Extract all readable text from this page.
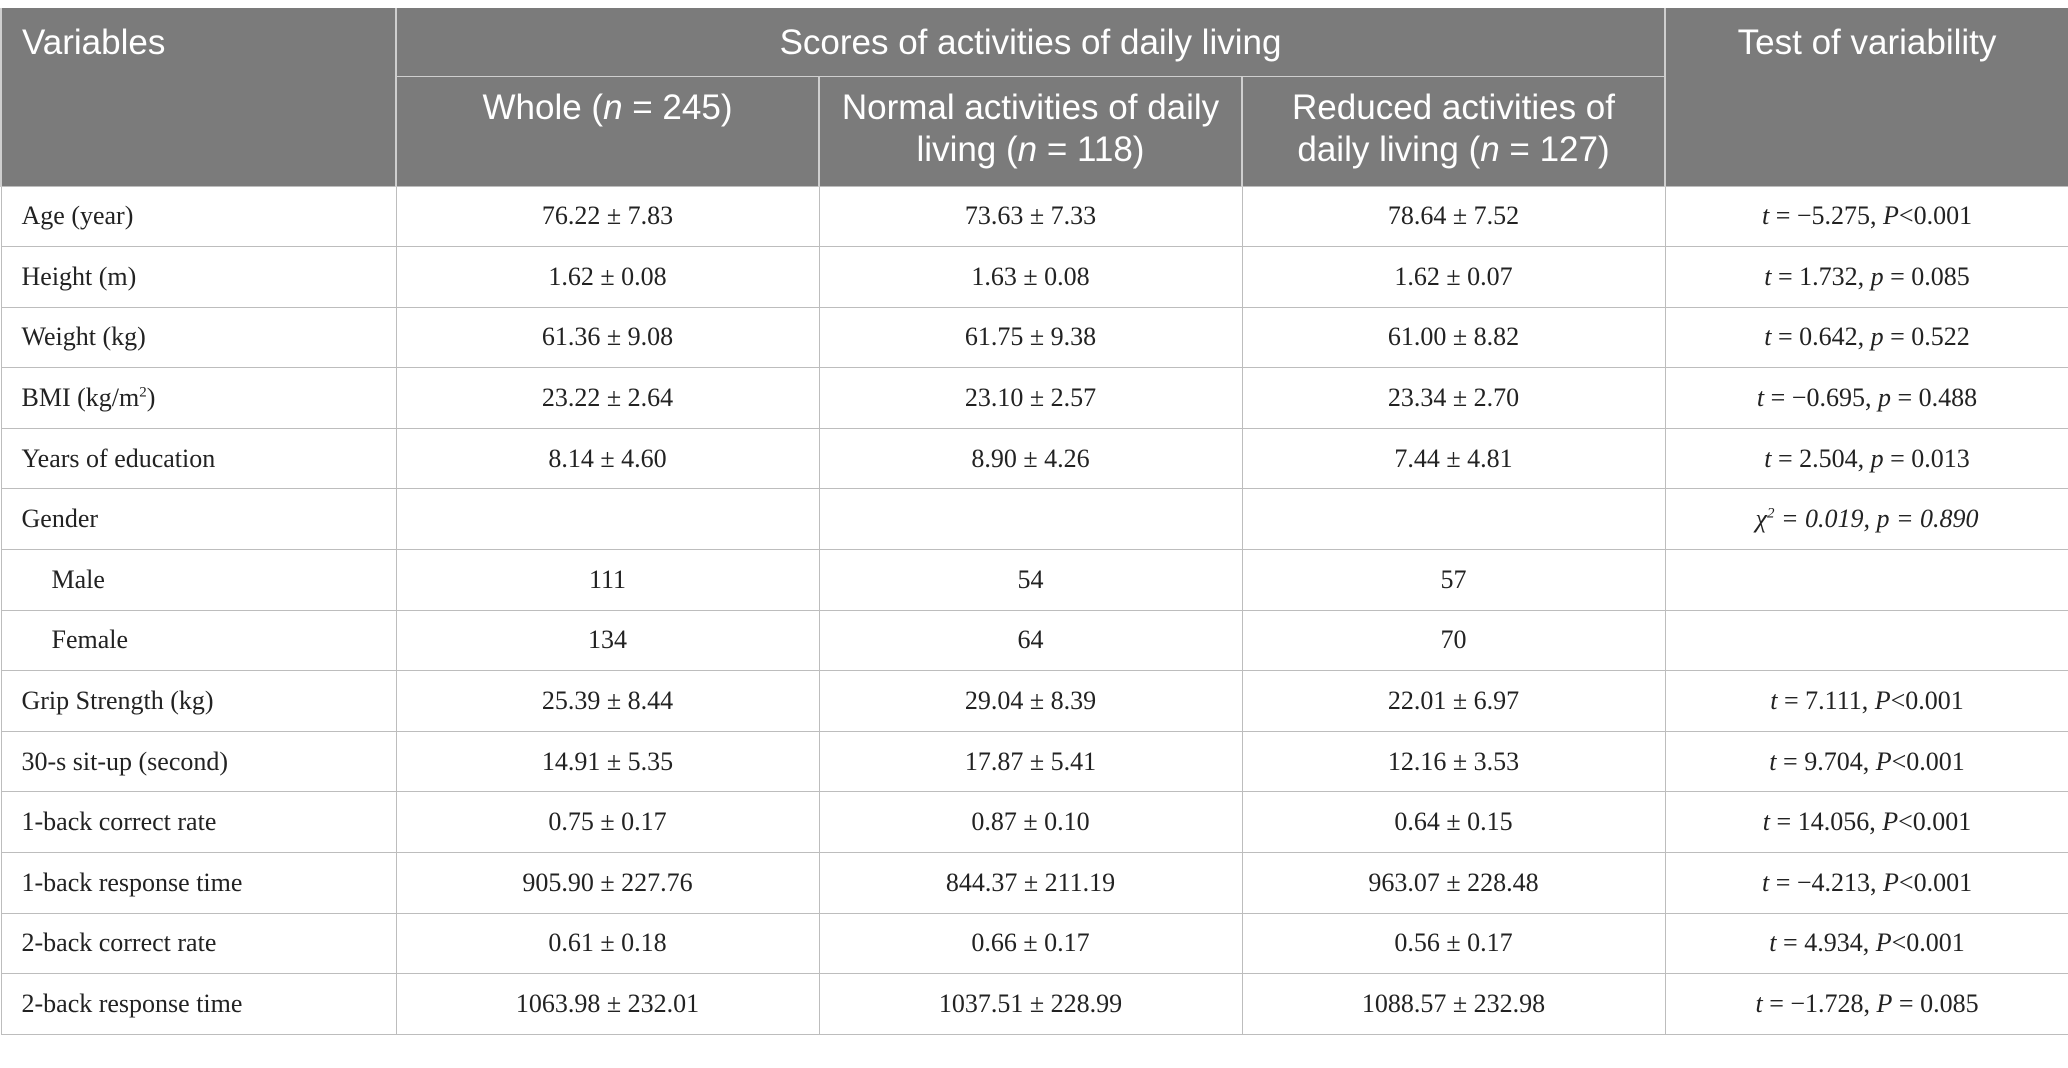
Variables	Scores of activities of daily living			Test of variability
	Whole (n = 245)	Normal activities of daily living (n = 118)	Reduced activities of daily living (n = 127)	
Age (year)	76.22 ± 7.83	73.63 ± 7.33	78.64 ± 7.52	t = −5.275, P<0.001
Height (m)	1.62 ± 0.08	1.63 ± 0.08	1.62 ± 0.07	t = 1.732, p = 0.085
Weight (kg)	61.36 ± 9.08	61.75 ± 9.38	61.00 ± 8.82	t = 0.642, p = 0.522
BMI $(kg/m^2)$	23.22 ± 2.64	23.10 ± 2.57	23.34 ± 2.70	t = −0.695, p = 0.488
Years of education	8.14 ± 4.60	8.90 ± 4.26	7.44 ± 4.81	t = 2.504, p = 0.013
Gender				$\chi^2 = 0.019$, p = 0.890
Male	111	54	57	
Female	134	64	70	
Grip Strength (kg)	25.39 ± 8.44	29.04 ± 8.39	22.01 ± 6.97	t = 7.111, P<0.001
30-s sit-up (second)	14.91 ± 5.35	17.87 ± 5.41	12.16 ± 3.53	t = 9.704, P<0.001
1-back correct rate	0.75 ± 0.17	0.87 ± 0.10	0.64 ± 0.15	t = 14.056, P<0.001
1-back response time	905.90 ± 227.76	844.37 ± 211.19	963.07 ± 228.48	t = −4.213, P<0.001
2-back correct rate	0.61 ± 0.18	0.66 ± 0.17	0.56 ± 0.17	t = 4.934, P<0.001
2-back response time	1063.98 ± 232.01	1037.51 ± 228.99	1088.57 ± 232.98	t = −1.728, P = 0.085
